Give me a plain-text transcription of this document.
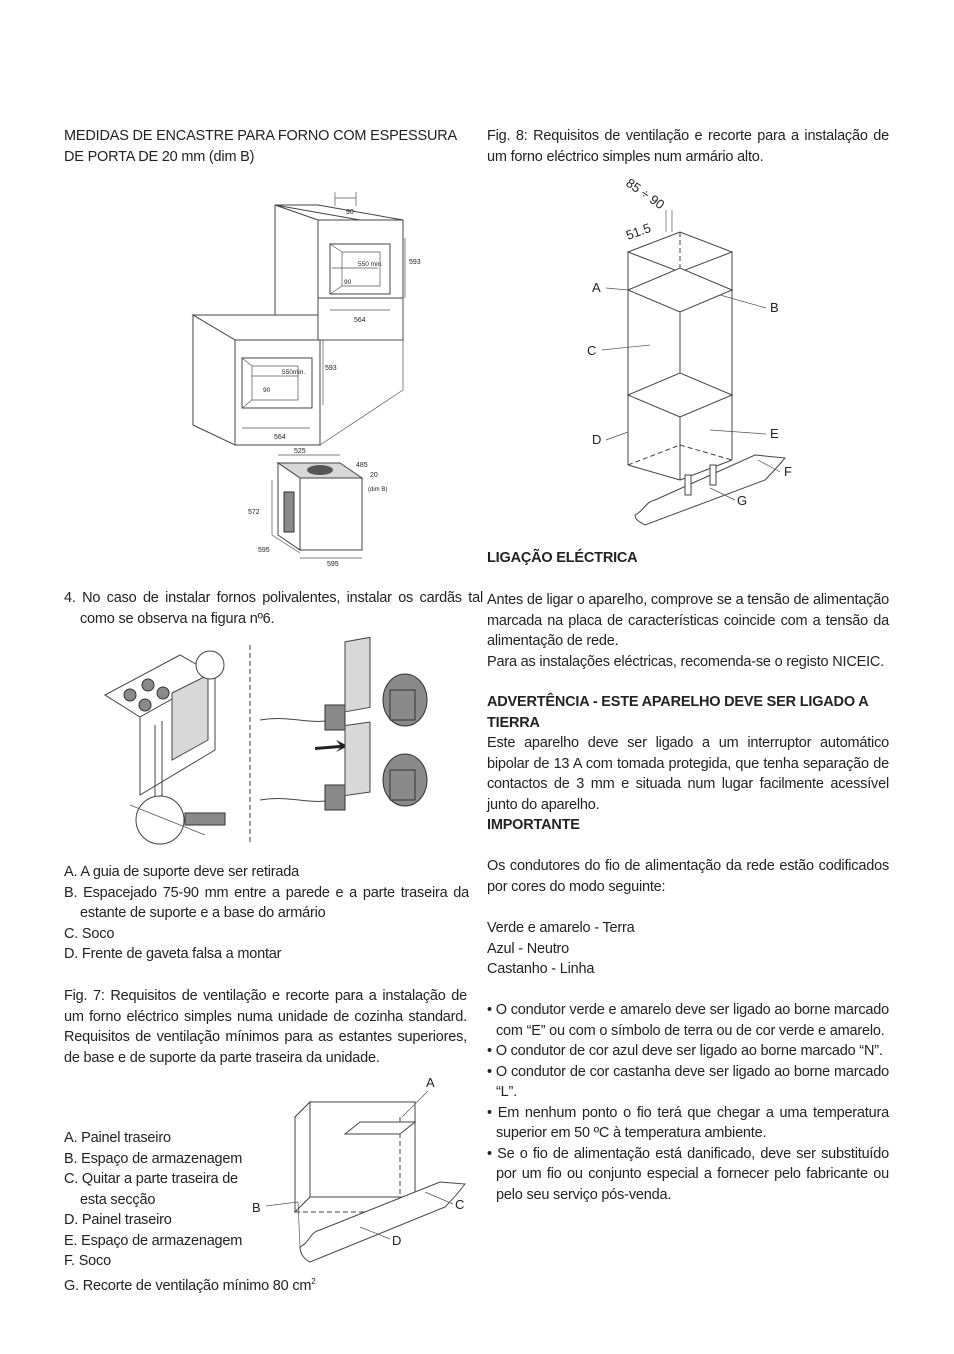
MEDIDAS DE ENCASTRE PARA FORNO COM ESPESSURA DE PORTA DE 20 mm (dim B)

90
550 min.
90
593
564
550min.
90
593
564
525
485
20
(dim B)
572
595
595

4. No caso de instalar fornos polivalentes, instalar os cardãs tal como se observa na figura nº6.

A. A guia de suporte deve ser retirada

B. Espacejado 75-90 mm entre a parede e a parte traseira da estante de suporte e a base do armário

C. Soco

D. Frente de gaveta falsa a montar

Fig. 7: Requisitos de ventilação e recorte para a instalação de um forno eléctrico simples numa unidade de cozinha standard. Requisitos de ventilação mínimos para as estantes superiores, de base e de suporte da parte traseira da unidade.

A. Painel traseiro

B. Espaço de armazenagem

C. Quitar a parte traseira de esta secção

D. Painel traseiro

E. Espaço de armazenagem

F. Soco

G. Recorte de ventilação mínimo 80 $cm^2$

A
B	C
D

Fig. 8: Requisitos de ventilação e recorte para a instalação de um forno eléctrico simples num armário alto.

85 ÷ 90
51.5
A
B
C
D	E
F
G

LIGAÇÃO ELÉCTRICA

Antes de ligar o aparelho, comprove se a tensão de alimentação marcada na placa de características coincide com a tensão da alimentação de rede.

Para as instalações eléctricas, recomenda-se o registo NICEIC.

ADVERTÊNCIA - ESTE APARELHO DEVE SER LIGADO A TIERRA

Este aparelho deve ser ligado a um interruptor automático bipolar de 13 A com tomada protegida, que tenha separação de contactos de 3 mm e situada num lugar facilmente acessível junto do aparelho.

IMPORTANTE

Os condutores do fio de alimentação da rede estão codificados por cores do modo seguinte:

Verde e amarelo - Terra

Azul - Neutro

Castanho - Linha

• O condutor verde e amarelo deve ser ligado ao borne marcado com “E” ou com o símbolo de terra ou de cor verde e amarelo.

• O condutor de cor azul deve ser ligado ao borne marcado “N”.

• O condutor de cor castanha deve ser ligado ao borne marcado “L”.

• Em nenhum ponto o fio terá que chegar a uma temperatura superior em 50 ºC à temperatura ambiente.

• Se o fio de alimentação está danificado, deve ser substituído por um fio ou conjunto especial a fornecer pelo fabricante ou pelo seu serviço pós-venda.
